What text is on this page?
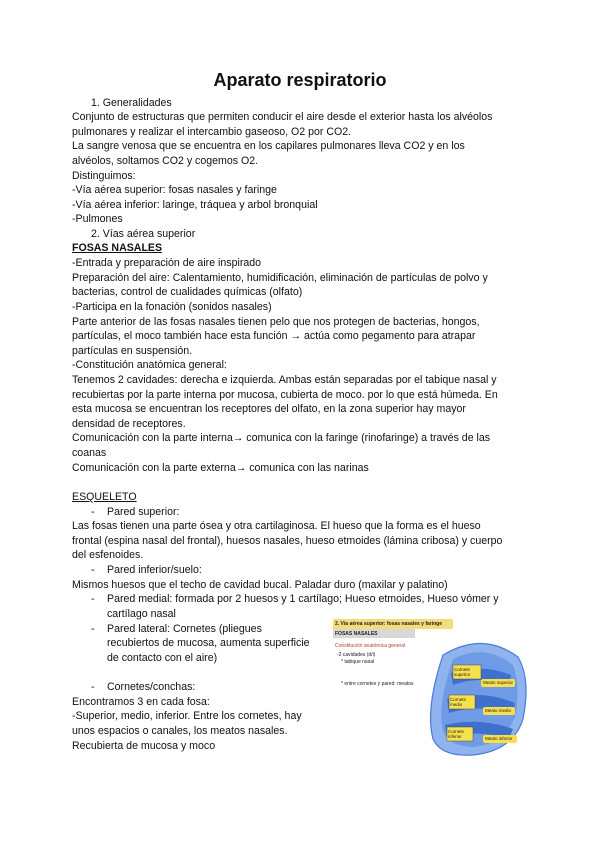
Aparato respiratorio
1. Generalidades
Conjunto de estructuras que permiten conducir el aire desde el exterior hasta los alvéolos
pulmonares y realizar el intercambio gaseoso, O2 por CO2.
La sangre venosa que se encuentra en los capilares pulmonares lleva CO2 y en los
alvéolos, soltamos CO2 y cogemos O2.
Distinguimos:
-Vía aérea superior: fosas nasales y faringe
-Vía aérea inferior: laringe, tráquea y arbol bronquial
-Pulmones
2. Vías aérea superior
FOSAS NASALES
-Entrada y preparación de aire inspirado
Preparación del aire: Calentamiento, humidificación, eliminación de partículas de polvo y
bacterias, control de cualidades químicas (olfato)
-Participa en la fonación (sonidos nasales)
Parte anterior de las fosas nasales tienen pelo que nos protegen de bacterias, hongos,
partículas, el moco también hace esta función → actúa como pegamento para atrapar
partículas en suspensión.
-Constitución anatómica general:
Tenemos 2 cavidades: derecha e izquierda. Ambas están separadas por el tabique nasal y
recubiertas por la parte interna por mucosa, cubierta de moco. por lo que está húmeda. En
esta mucosa se encuentran los receptores del olfato, en la zona superior hay mayor
densidad de receptores.
Comunicación con la parte interna→ comunica con la faringe (rinofaringe) a través de las
coanas
Comunicación con la parte externa→ comunica con las narinas
ESQUELETO
- Pared superior:
Las fosas tienen una parte ósea y otra cartilaginosa. El hueso que la forma es el hueso
frontal (espina nasal del frontal), huesos nasales, hueso etmoides (lámina cribosa) y cuerpo
del esfenoides.
- Pared inferior/suelo:
Mismos huesos que el techo de cavidad bucal. Paladar duro (maxilar y palatino)
- Pared medial: formada por 2 huesos y 1 cartílago; Hueso etmoides, Hueso vómer y
cartílago nasal
- Pared lateral: Cornetes (pliegues
recubiertos de mucosa, aumenta superficie
de contacto con el aire)
- Cornetes/conchas:
Encontramos 3 en cada fosa:
-Superior, medio, inferior. Entre los cornetes, hay
unos espacios o canales, los meatos nasales.
Recubierta de mucosa y moco
2. Vía aérea superior: fosas nasales y faringe
FOSAS NASALES
Constitución anatómica general
-2 cavidades (d/i)
* tabique nasal
* entre cornetes y pared: meatos
Cornete superior
Cornete medio
Cornete inferior
Meato superior
Meato medio
Meato inferior
